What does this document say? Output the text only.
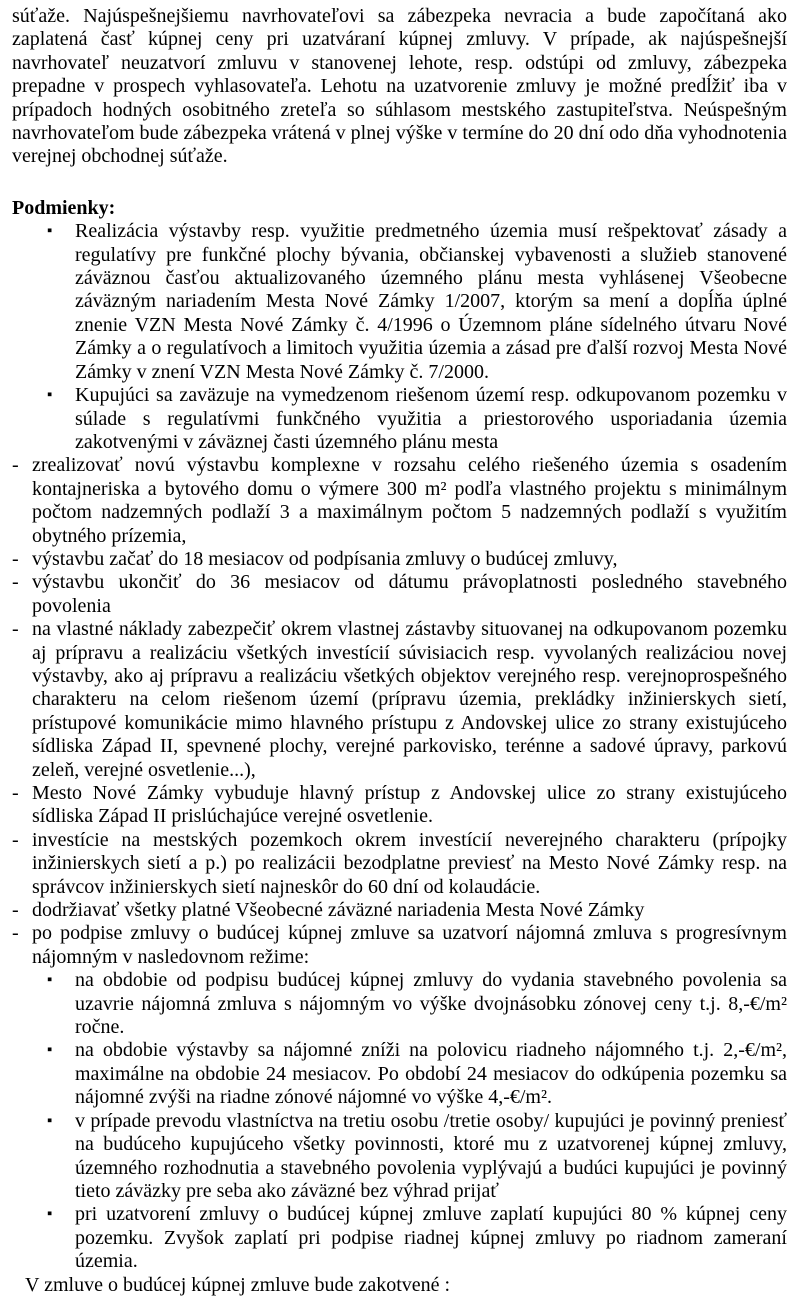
súťaže. Najúspešnejšiemu navrhovateľovi sa zábezpeka nevracia a bude započítaná ako zaplatená časť kúpnej ceny pri uzatváraní kúpnej zmluvy. V prípade, ak najúspešnejší navrhovateľ neuzatvorí zmluvu v stanovenej lehote, resp. odstúpi od zmluvy, zábezpeka prepadne v prospech vyhlasovateľa. Lehotu na uzatvorenie zmluvy je možné predĺžiť iba v prípadoch hodných osobitného zreteľa so súhlasom mestského zastupiteľstva. Neúspešným navrhovateľom bude zábezpeka vrátená v plnej výške v termíne do 20 dní odo dňa vyhodnotenia verejnej obchodnej súťaže.

Podmienky:

▪ Realizácia výstavby resp. využitie predmetného územia musí rešpektovať zásady a regulatívy pre funkčné plochy bývania, občianskej vybavenosti a služieb stanovené záväznou časťou aktualizovaného územného plánu mesta vyhlásenej Všeobecne záväzným nariadením Mesta Nové Zámky 1/2007, ktorým sa mení a dopĺňa úplné znenie VZN Mesta Nové Zámky č. 4/1996 o Územnom pláne sídelného útvaru Nové Zámky a o regulatívoch a limitoch využitia územia a zásad pre ďalší rozvoj Mesta Nové Zámky v znení VZN Mesta Nové Zámky č. 7/2000.
▪ Kupujúci sa zaväzuje na vymedzenom riešenom území resp. odkupovanom pozemku v súlade s regulatívmi funkčného využitia a priestorového usporiadania územia zakotvenými v záväznej časti územného plánu mesta
- zrealizovať novú výstavbu komplexne v rozsahu celého riešeného územia s osadením kontajneriska a bytového domu o výmere 300 m² podľa vlastného projektu s minimálnym počtom nadzemných podlaží 3 a maximálnym počtom 5 nadzemných podlaží s využitím obytného prízemia,
- výstavbu začať do 18 mesiacov od podpísania zmluvy o budúcej zmluvy,
- výstavbu ukončiť do 36 mesiacov od dátumu právoplatnosti posledného stavebného povolenia
- na vlastné náklady zabezpečiť okrem vlastnej zástavby situovanej na odkupovanom pozemku aj prípravu a realizáciu všetkých investícií súvisiacich resp. vyvolaných realizáciou novej výstavby, ako aj prípravu a realizáciu všetkých objektov verejného resp. verejnoprospešného charakteru na celom riešenom území (prípravu územia, prekládky inžinierskych sietí, prístupové komunikácie mimo hlavného prístupu z Andovskej ulice zo strany existujúceho sídliska Západ II, spevnené plochy, verejné parkovisko, terénne a sadové úpravy, parkovú zeleň, verejné osvetlenie...),
- Mesto Nové Zámky vybuduje hlavný prístup z Andovskej ulice zo strany existujúceho sídliska Západ II prislúchajúce verejné osvetlenie.
- investície na mestských pozemkoch okrem investícií neverejného charakteru (prípojky inžinierskych sietí a p.) po realizácii bezodplatne previesť na Mesto Nové Zámky resp. na správcov inžinierskych sietí najneskôr do 60 dní od kolaudácie.
- dodržiavať všetky platné Všeobecné záväzné nariadenia Mesta Nové Zámky
- po podpise zmluvy o budúcej kúpnej zmluve sa uzatvorí nájomná zmluva s progresívnym nájomným v nasledovnom režime:
▪ na obdobie od podpisu budúcej kúpnej zmluvy do vydania stavebného povolenia sa uzavrie nájomná zmluva s nájomným vo výške dvojnásobku zónovej ceny t.j. 8,-€/m² ročne.
▪ na obdobie výstavby sa nájomné zníži na polovicu riadneho nájomného t.j. 2,-€/m², maximálne na obdobie 24 mesiacov. Po období 24 mesiacov do odkúpenia pozemku sa nájomné zvýši na riadne zónové nájomné vo výške 4,-€/m².
▪ v prípade prevodu vlastníctva na tretiu osobu /tretie osoby/ kupujúci je povinný preniesť na budúceho kupujúceho všetky povinnosti, ktoré mu z uzatvorenej kúpnej zmluvy, územného rozhodnutia a stavebného povolenia vyplývajú a budúci kupujúci je povinný tieto záväzky pre seba ako záväzné bez výhrad prijať
▪ pri uzatvorení zmluvy o budúcej kúpnej zmluve zaplatí kupujúci 80 % kúpnej ceny pozemku. Zvyšok zaplatí pri podpise riadnej kúpnej zmluvy po riadnom zameraní územia.

V zmluve o budúcej kúpnej zmluve bude zakotvené :
